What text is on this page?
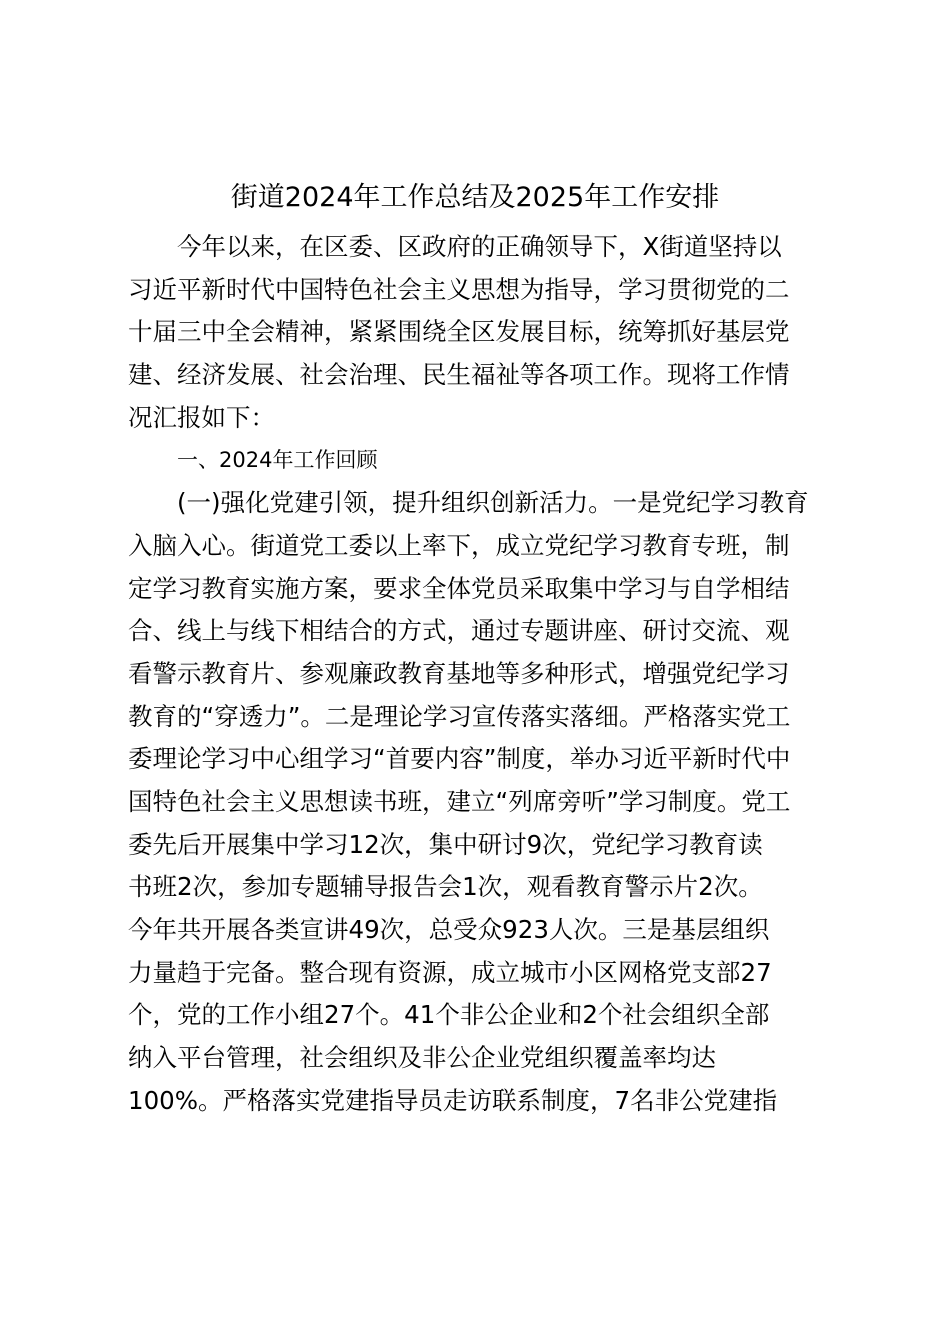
街道2024年工作总结及2025年工作安排
今年以来，在区委、区政府的正确领导下，X街道坚持以
习近平新时代中国特色社会主义思想为指导，学习贯彻党的二
十届三中全会精神，紧紧围绕全区发展目标，统筹抓好基层党
建、经济发展、社会治理、民生福祉等各项工作。现将工作情
况汇报如下：
一、2024年工作回顾
(一)强化党建引领，提升组织创新活力。一是党纪学习教育
入脑入心。街道党工委以上率下，成立党纪学习教育专班，制
定学习教育实施方案，要求全体党员采取集中学习与自学相结
合、线上与线下相结合的方式，通过专题讲座、研讨交流、观
看警示教育片、参观廉政教育基地等多种形式，增强党纪学习
教育的“穿透力”。二是理论学习宣传落实落细。严格落实党工
委理论学习中心组学习“首要内容”制度，举办习近平新时代中
国特色社会主义思想读书班，建立“列席旁听”学习制度。党工
委先后开展集中学习12次，集中研讨9次，党纪学习教育读
书班2次，参加专题辅导报告会1次，观看教育警示片2次。
今年共开展各类宣讲49次，总受众923人次。三是基层组织
力量趋于完备。整合现有资源，成立城市小区网格党支部27
个，党的工作小组27个。41个非公企业和2个社会组织全部
纳入平台管理，社会组织及非公企业党组织覆盖率均达
100%。严格落实党建指导员走访联系制度，7名非公党建指
